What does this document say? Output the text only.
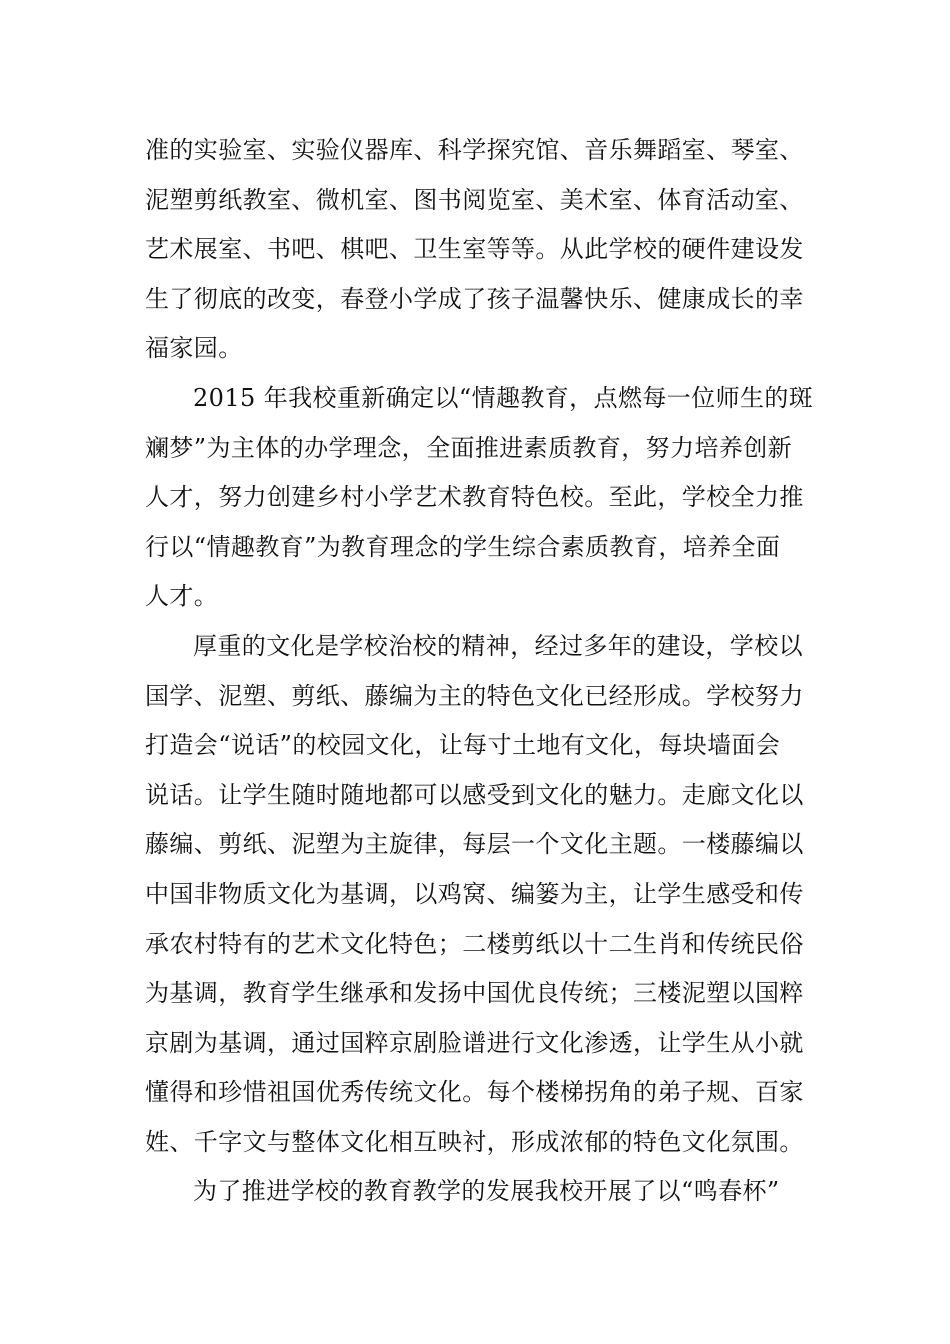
准的实验室、实验仪器库、科学探究馆、音乐舞蹈室、琴室、
泥塑剪纸教室、微机室、图书阅览室、美术室、体育活动室、
艺术展室、书吧、棋吧、卫生室等等。从此学校的硬件建设发
生了彻底的改变，春登小学成了孩子温馨快乐、健康成长的幸
福家园。
2015 年我校重新确定以“情趣教育，点燃每一位师生的斑
斓梦”为主体的办学理念，全面推进素质教育，努力培养创新
人才，努力创建乡村小学艺术教育特色校。至此，学校全力推
行以“情趣教育”为教育理念的学生综合素质教育，培养全面
人才。
厚重的文化是学校治校的精神，经过多年的建设，学校以
国学、泥塑、剪纸、藤编为主的特色文化已经形成。学校努力
打造会“说话”的校园文化，让每寸土地有文化，每块墙面会
说话。让学生随时随地都可以感受到文化的魅力。走廊文化以
藤编、剪纸、泥塑为主旋律，每层一个文化主题。一楼藤编以
中国非物质文化为基调，以鸡窝、编篓为主，让学生感受和传
承农村特有的艺术文化特色；二楼剪纸以十二生肖和传统民俗
为基调，教育学生继承和发扬中国优良传统；三楼泥塑以国粹
京剧为基调，通过国粹京剧脸谱进行文化渗透，让学生从小就
懂得和珍惜祖国优秀传统文化。每个楼梯拐角的弟子规、百家
姓、千字文与整体文化相互映衬，形成浓郁的特色文化氛围。
为了推进学校的教育教学的发展我校开展了以“鸣春杯”
